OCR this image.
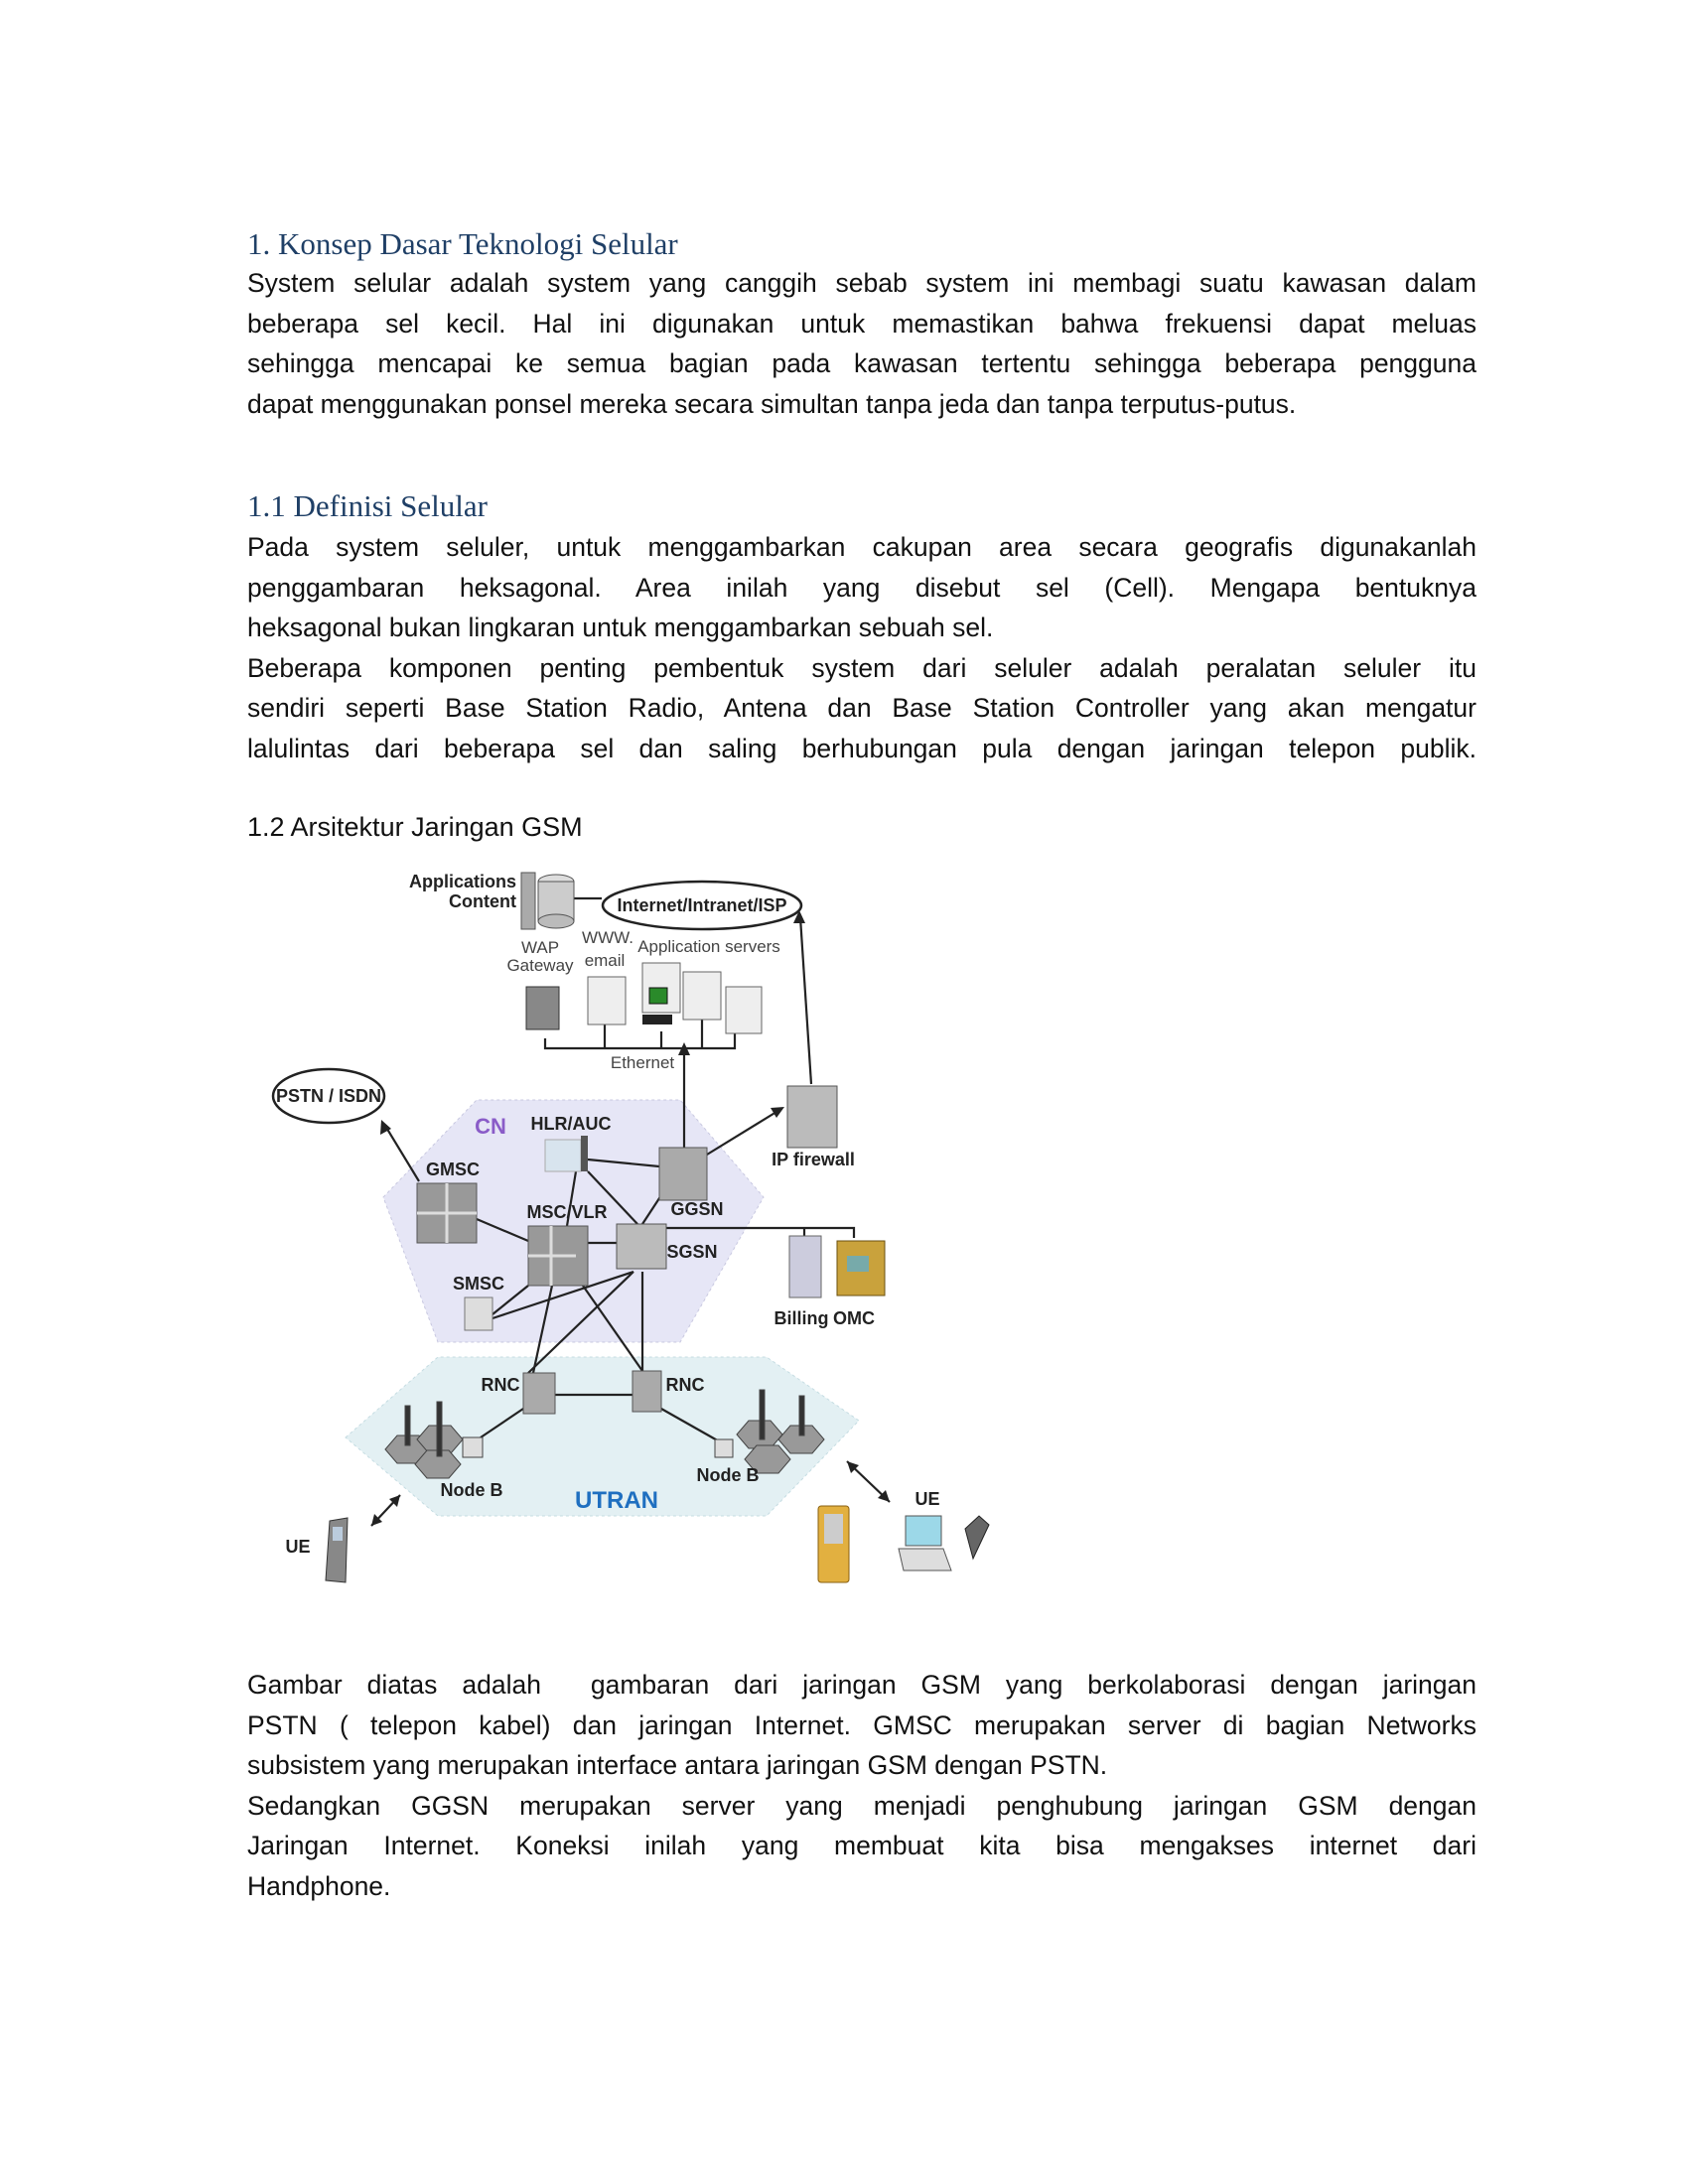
1. Konsep Dasar Teknologi Selular
System selular adalah system yang canggih sebab system ini membagi suatu kawasan dalam
beberapa sel kecil. Hal ini digunakan untuk memastikan bahwa frekuensi dapat meluas
sehingga mencapai ke semua bagian pada kawasan tertentu sehingga beberapa pengguna
dapat menggunakan ponsel mereka secara simultan tanpa jeda dan tanpa terputus-putus.
1.1 Definisi Selular
Pada system seluler, untuk menggambarkan cakupan area secara geografis digunakanlah
penggambaran heksagonal. Area inilah yang disebut sel (Cell). Mengapa bentuknya
heksagonal bukan lingkaran untuk menggambarkan sebuah sel.
Beberapa komponen penting pembentuk system dari seluler adalah peralatan seluler itu
sendiri seperti Base Station Radio, Antena dan Base Station Controller yang akan mengatur
lalulintas dari beberapa sel dan saling berhubungan pula dengan jaringan telepon publik.
1.2 Arsitektur Jaringan GSM
Internet/Intranet/ISP
PSTN / ISDN
Applications
Content
WAP
Gateway
WWW.
email
Application servers
Ethernet
CN HLR/AUC
GMSC
MSC/VLR	GGSN
SGSN
SMSC
IP firewall
Billing OMC
RNC	RNC
Node B
Node B
UTRAN
UE
UE
Gambar diatas adalah  gambaran dari jaringan GSM yang berkolaborasi dengan jaringan
PSTN ( telepon kabel) dan jaringan Internet. GMSC merupakan server di bagian Networks
subsistem yang merupakan interface antara jaringan GSM dengan PSTN.
Sedangkan GGSN merupakan server yang menjadi penghubung jaringan GSM dengan
Jaringan Internet. Koneksi inilah yang membuat kita bisa mengakses internet dari
Handphone.
